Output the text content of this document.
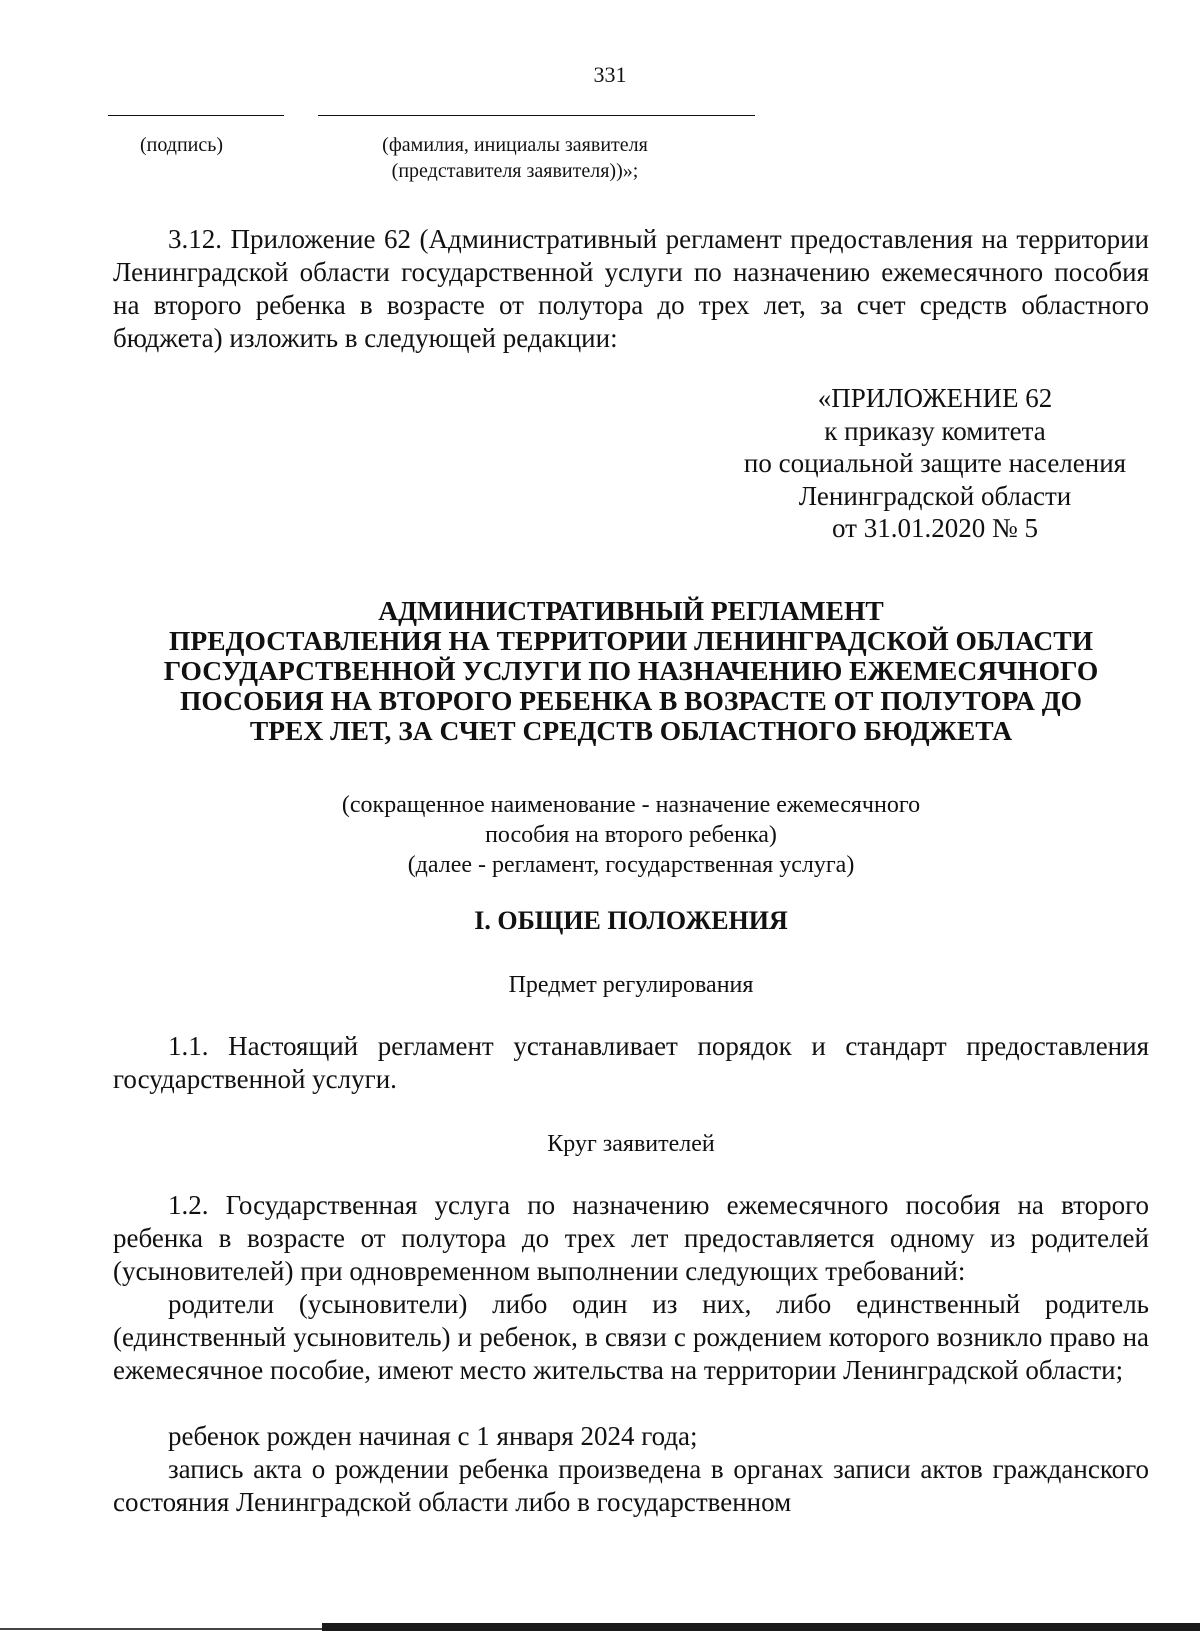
331
(подпись)	(фамилия, инициалы заявителя
(представителя заявителя))»;

3.12. Приложение 62 (Административный регламент предоставления на территории Ленинградской области государственной услуги по назначению ежемесячного пособия на второго ребенка в возрасте от полутора до трех лет, за счет средств областного бюджета) изложить в следующей редакции:

«ПРИЛОЖЕНИЕ 62
к приказу комитета
по социальной защите населения
Ленинградской области
от 31.01.2020 № 5
АДМИНИСТРАТИВНЫЙ РЕГЛАМЕНТ
ПРЕДОСТАВЛЕНИЯ НА ТЕРРИТОРИИ ЛЕНИНГРАДСКОЙ ОБЛАСТИ
ГОСУДАРСТВЕННОЙ УСЛУГИ ПО НАЗНАЧЕНИЮ ЕЖЕМЕСЯЧНОГО
ПОСОБИЯ НА ВТОРОГО РЕБЕНКА В ВОЗРАСТЕ ОТ ПОЛУТОРА ДО
ТРЕХ ЛЕТ, ЗА СЧЕТ СРЕДСТВ ОБЛАСТНОГО БЮДЖЕТА
(сокращенное наименование - назначение ежемесячного
пособия на второго ребенка)
(далее - регламент, государственная услуга)
I. ОБЩИЕ ПОЛОЖЕНИЯ
Предмет регулирования

1.1. Настоящий регламент устанавливает порядок и стандарт предоставления государственной услуги.

Круг заявителей

1.2. Государственная услуга по назначению ежемесячного пособия на второго ребенка в возрасте от полутора до трех лет предоставляется одному из родителей (усыновителей) при одновременном выполнении следующих требований:

родители (усыновители) либо один из них, либо единственный родитель (единственный усыновитель) и ребенок, в связи с рождением которого возникло право на ежемесячное пособие, имеют место жительства на территории Ленинградской области;

ребенок рожден начиная с 1 января 2024 года;

запись акта о рождении ребенка произведена в органах записи актов гражданского состояния Ленинградской области либо в государственном
